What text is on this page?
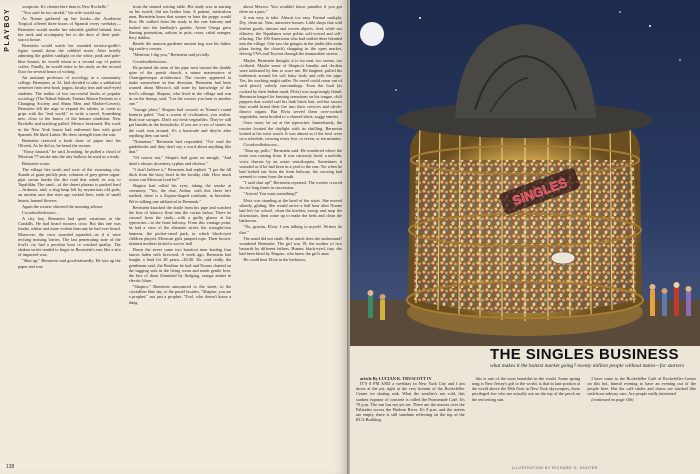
PLAYBOY

scorpions. It's cleaner here than in New Rochelle."

"You can't be too careful," his wife would say.

As Nonno gathered up her books—the Academia Tropical offered three hours of Spanish every weekday—Bernstein would smoke her adorable girdled behind, kiss her neck and accompany her to the door of their pink-stucco house.

Bernstein would watch her rounded tortoise-girdle's figure vanish down the cobbled street. After briefly admiring the golden sunlight on the white, pink and pale-blue houses, he would return to a second cup of potent coffee. Finally, he would retire to his study on the second floor for several hours of writing.

An assistant professor of sociology at a community college, Bernstein, at 32, had decided to take a sabbatical semester from text-book jargon, faculty teas and stuff-eyed students. The author of two successful books of popular sociology (The Naked Suburb; Parents Return Patterns in a Changing Society and Sham Men and Mother-Lovers), Bernstein felt the urge to expand his talents, to come to grips with the "real world," to write a novel. Something new, close to the basics of the human condition. New Rochelle and teaching palled. Mexico beckoned. His work in the New York barrio had enlivened him with good Spanish. He liked Latins. He drew strength from the sun.

Bernstein reserved a book draw of paper into his Olivetti. As he did so, he heard the rooster.

"Noisy bastard," he said, brushing, he pulled a chord of Mexican 77 smoke into the airy hallows he used as a study.

Bernstein wrote:

The village lies north and west of the swarming city. Stands of giant prickly pear, columns of grey-green organ-pipe cactus border the dirt road that winds its way to Tepalitlán. The sand—of the desert plateau is packed hard—Arduous, arid, a slug heap left by mysterious old gods, an ancient race that rises ago sacked fires, earth of small beasts, burned flowers.

Again the rooster shivered the morning silence.

Cocadoodledooooo...

A city boy, Bernstein had spent vacations in the Catskills. He had heard roosters crow. But this one was louder, whiter and more violent than any he had ever heard. Moreover, the crow sounded squealed—as if it were reciting missing lorries. The last penetrating note of the fowl's cry had a peculiar hoot or cracked quality. The shaken writer tended to finger in Bernstein's ears like a slot of impacted wax.

"Shut up," Bernstein said good-naturedly. He tore up the paper and rose

from the stained writing table. His study was in starting on his tweed; did not bother him. A patient, meticulous man, Bernstein knew that sooner or later the poppy would flow. He walked from the study to the rear balcony and looked into the landlady's garden. Arrete Ortega grew flaming poinsettias, zalvias in pots, roses, rabid oranges, fiery dahlias.

Beside the maroon gardener ancient hog was his father, big rustle-y rooster.

"Mention, I dig you," Bernstein said jovially.

Cocadoodledooooo...

He pointed the stem of his pipe west toward the double spire of the parish church, a minor masterpiece of Churrigueresque architecture. The rooster appeared to make somewhere in that direction. Bernstein had been warned about Mexico's tall zone by knowledge of the fowl's offstage. Shapiro, who lived in the village and was in on the lineup, said, "Let the rooster you hear is another one."

"Savage place," Shapiro had crowed, as Nonno's round features paled. "Just a screen of civilization, you realize. Real true savages. Don't eat fresh vegetables. They've still got bandits in the boondocks. If you see a row of stones on the road, turn around. It's a barricade and they're after anything they can steal."

"Nonsense," Bernstein had responded. "I've read the guidebooks and they don't say a word about anything like that."

"Of course not," Shapiro had gone on smugly. "And there's always dysentery, typhus and cholera."

"I don't believe it," Bernstein had replied. "I get the fill thick from the boxy bowl in the locality club. How much worse can Mexican food be?"

Shapiro had rolled his eyes, taking the smoke at ceremony. "Yes, the clue, Arthur, with this cheer he's stashed, there is a Zapata-shaped rosebush, in boredom. We're talking one sabbatical in Denmark."

Bernstein knocked the dottle from his pipe and watched the lists of tobacco float into the cactus below. There he crossed from the study—with a guilty glance at his typewriter—to the front balcony. From this vantage point, he had a view of the alternate street, the wrought-iron lanterns, the pocket-sized park, in which black-eyed children played, Mexican girls jumped rope. Their brown-skinned mothers kicked a soccer ball.

Down the street came two barefoot men leading four burros laden with firewood. A week ago, Bernstein had bought a load for 28 pesos—$2.00. Do cord really, the gentleman said, the Borditas he had and Nonno chatted on the sagging sofa in the living room and made gentle love, the hiss of them illumined by flodging, orange amber in electric blaze.

"Shapiro," Bernstein announced to the street, to the crystalline blue sky, to the pastel facades, "Shapiro, you are a prophet," not just a prophet. "Fool, who doesn't know a thing

about Mexico. You wouldn't know paradise if you got there on a pass."

It was easy to take. Almost too easy. Eternal sunlight. Dry, clean air. Neat, attractive houses. Little shops that sold leather goods, tinware and woven objects. And, while not effusive, the Tepatlanos were polite, soft-voiced and self-effacing. The 100 Americans who had settled there blended into the village. One saw the gringos in the jardin (the main plaza facing the church) shopping in the open market, driving VWs and Toyotas through the immaculate streets.

Maybe, Bernstein thought, it is too neat, too serene, too civilized. Maybe some of Shapiro's bandits and cholera were indicated by him to scare me. He laughed, pulled his turtleneck around his soft hairy body and relit the pipe. Yes, his working might suffer. No novel could come out of such placid, orderly surroundings. Even the food (as cooked by their Indian maid, Elvia) was surprisingly bland. Bernstein longed for burning sensations on his tongue, chili peppers that would curl his lank black hair, red-hot sauces that would brand their fire into their cervices and uh-oh-dissect organs. But Elvia served them over-cooked vegetables, meat broiled to a charred slack, soggy entrées.

Once more, he sat at the typewriter. Immediately, the rooster located the daylight with its shrilling. Bernstein looked at his wrist watch. It was almost as if the fowl were on a schedule, crowing every five, or seven, or ten minutes.

Cocadoodledooooo...

"Shut up, pollo," Bernstein said. He wondered where the noise was coming from. It was curiously lucid, a melodic voice thrown by an avian ventriloquist. Sometimes it sounded as if he had been in a yard to the rear. Yet when he had looked out from the front balcony, the crowing had seemed to come from the south.

"I said shut up!" Bernstein repeated. The rooster crowed for six long times in succession.

"Action! You want something?"

Elvia was standing at the head of the stairs. She moved silently, gliding. She would arrive a half hour after Nonno had left for school, clean the kitchen, sweep and mop the downstairs, then come up to make the beds and clean the bathroom.

"No, gracias, Elvia. I was talking to myself. Writers do that."

The maid did not smile. How much does she understand? wondered Bernstein. The girl was 18, the mother of two bastards by different fathers. Hunter, black-eyed, tiny, she had been hired by Shapiro, who knew the girl's aunt.

He could hear Elvia in the bedroom,

138
SINGLES
THE SINGLES BUSINESS

what makes it the hottest market going? twenty million people without mates—for starters

article By LUCIAN K. TRUSCOTT IV

IT'S 8 PM AND a weekday in New York City and I am down at the pit, right at the very bottom of the Rockefeller Center ice skating rink. What the weather's not cold, this sunken expanse of concrete is called the Promenade Café. It's 70 p.m. The sun has not yet set. There are the masses over the Palisades across the Hudson River. It's 8 p.m. and the streets are empty, there is still sunshine reflecting on the top of the RCA Building.

this is one of the most beautiful in the world. Some spring snag is New Jersey's gift to the world, is that in lane portion of the world above the 58th floor in New York skyscrapers, those privileged few who are actually out on the top of the perch on the red setting sun.

I have come to the Rockefeller Café of Rockefeller Center on this hot, humid evening to have an evening out of the people here. But the café tables and chairs are stacked like rush-hour subway cars. Are people really interested

(continued on page 166)

ILLUSTRATION BY RICHARD G. HUNTER
